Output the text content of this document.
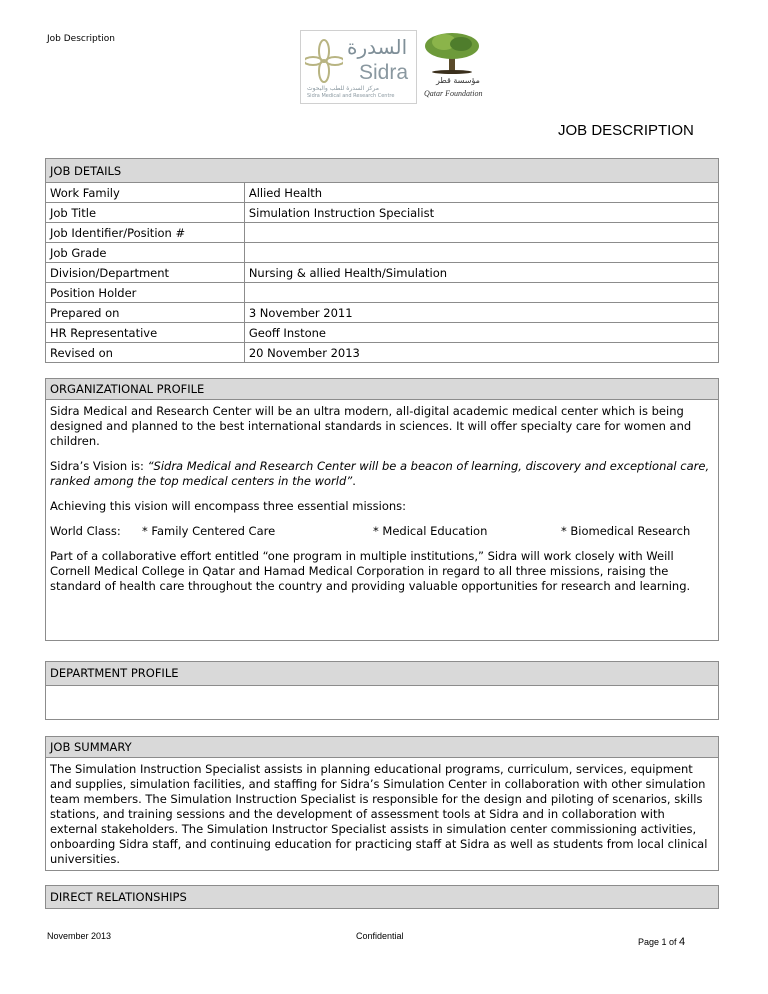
Job Description	السدرة
Sidra
مركز السدرة للطب والبحوث
Sidra Medical and Research Centre
مؤسسة قطر
Qatar Foundation
JOB DESCRIPTION
JOB DETAILS	
Work Family	Allied Health
Job Title	Simulation Instruction Specialist
Job Identifier/Position #	
Job Grade	
Division/Department	Nursing & allied Health/Simulation
Position Holder	
Prepared on	3 November 2011
HR Representative	Geoff Instone
Revised on	20 November 2013
ORGANIZATIONAL PROFILE

Sidra Medical and Research Center will be an ultra modern, all-digital academic medical center which is being designed and planned to the best international standards in sciences. It will offer specialty care for women and children.

Sidra’s Vision is: “Sidra Medical and Research Center will be a beacon of learning, discovery and exceptional care, ranked among the top medical centers in the world”.

Achieving this vision will encompass three essential missions:

World Class: * Family Centered Care	* Medical Education	* Biomedical Research

Part of a collaborative effort entitled “one program in multiple institutions,” Sidra will work closely with Weill Cornell Medical College in Qatar and Hamad Medical Corporation in regard to all three missions, raising the standard of health care throughout the country and providing valuable opportunities for research and learning.

DEPARTMENT PROFILE
JOB SUMMARY

The Simulation Instruction Specialist assists in planning educational programs, curriculum, services, equipment and supplies, simulation facilities, and staffing for Sidra’s Simulation Center in collaboration with other simulation team members. The Simulation Instruction Specialist is responsible for the design and piloting of scenarios, skills stations, and training sessions and the development of assessment tools at Sidra and in collaboration with external stakeholders. The Simulation Instructor Specialist assists in simulation center commissioning activities, onboarding Sidra staff, and continuing education for practicing staff at Sidra as well as students from local clinical universities.

DIRECT RELATIONSHIPS
November 2013	Confidential
Page 1 of 4
